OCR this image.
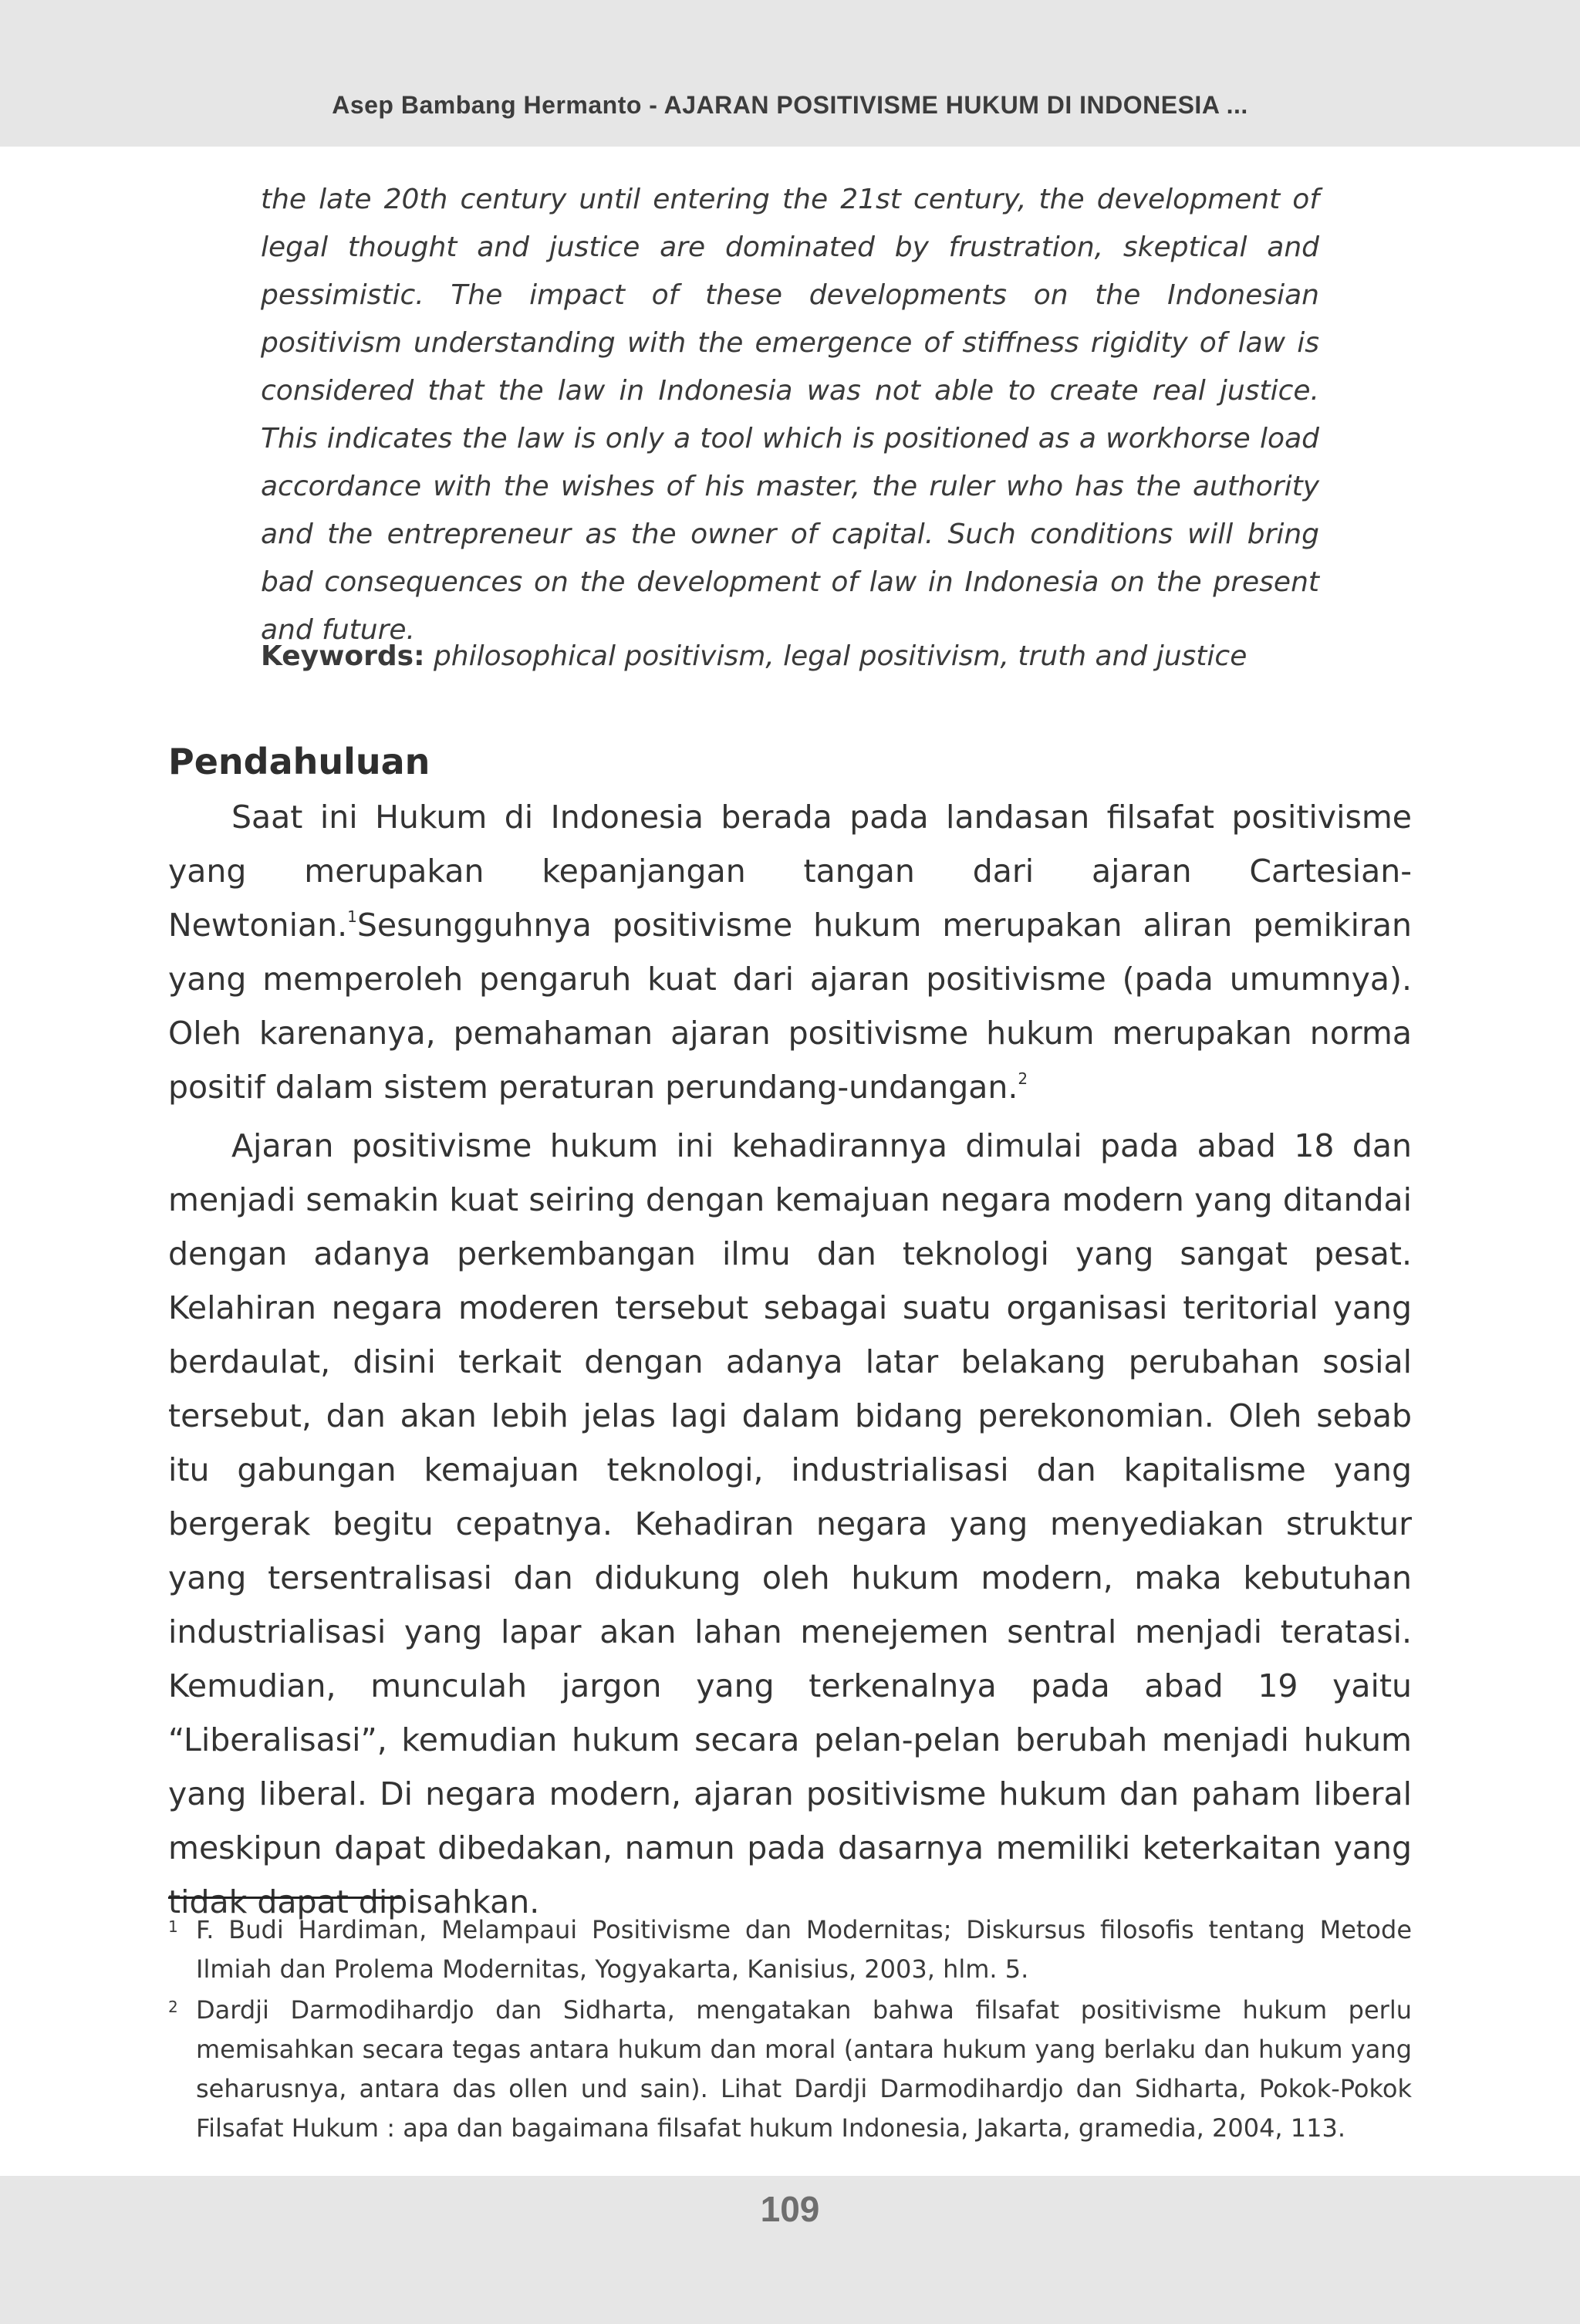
Asep Bambang Hermanto - AJARAN POSITIVISME HUKUM DI INDONESIA ...

the late 20th century until entering the 21st century, the development of legal thought and justice are dominated by frustration, skeptical and pessimistic. The impact of these developments on the Indonesian positivism understanding with the emergence of stiffness rigidity of law is considered that the law in Indonesia was not able to create real justice. This indicates the law is only a tool which is positioned as a workhorse load accordance with the wishes of his master, the ruler who has the authority and the entrepreneur as the owner of capital. Such conditions will bring bad consequences on the development of law in Indonesia on the present and future.

Keywords: philosophical positivism, legal positivism, truth and justice

Pendahuluan

Saat ini Hukum di Indonesia berada pada landasan filsafat positivisme yang merupakan kepanjangan tangan dari ajaran Cartesian-Newtonian.$^1$Sesungguhnya positivisme hukum merupakan aliran pemikiran yang memperoleh pengaruh kuat dari ajaran positivisme (pada umumnya). Oleh karenanya, pemahaman ajaran positivisme hukum merupakan norma positif dalam sistem peraturan perundang-undangan.$^2$

Ajaran positivisme hukum ini kehadirannya dimulai pada abad 18 dan menjadi semakin kuat seiring dengan kemajuan negara modern yang ditandai dengan adanya perkembangan ilmu dan teknologi yang sangat pesat. Kelahiran negara moderen tersebut sebagai suatu organisasi teritorial yang berdaulat, disini terkait dengan adanya latar belakang perubahan sosial tersebut, dan akan lebih jelas lagi dalam bidang perekonomian. Oleh sebab itu gabungan kemajuan teknologi, industrialisasi dan kapitalisme yang bergerak begitu cepatnya. Kehadiran negara yang menyediakan struktur yang tersentralisasi dan didukung oleh hukum modern, maka kebutuhan industrialisasi yang lapar akan lahan menejemen sentral menjadi teratasi. Kemudian, munculah jargon yang terkenalnya pada abad 19 yaitu “Liberalisasi”, kemudian hukum secara pelan-pelan berubah menjadi hukum yang liberal. Di negara modern, ajaran positivisme hukum dan paham liberal meskipun dapat dibedakan, namun pada dasarnya memiliki keterkaitan yang tidak dapat dipisahkan.

1 F. Budi Hardiman, Melampaui Positivisme dan Modernitas; Diskursus filosofis tentang Metode Ilmiah dan Prolema Modernitas, Yogyakarta, Kanisius, 2003, hlm. 5.
2 Dardji Darmodihardjo dan Sidharta, mengatakan bahwa filsafat positivisme hukum perlu memisahkan secara tegas antara hukum dan moral (antara hukum yang berlaku dan hukum yang seharusnya, antara das ollen und sain). Lihat Dardji Darmodihardjo dan Sidharta, Pokok-Pokok Filsafat Hukum : apa dan bagaimana filsafat hukum Indonesia, Jakarta, gramedia, 2004, 113.
109
